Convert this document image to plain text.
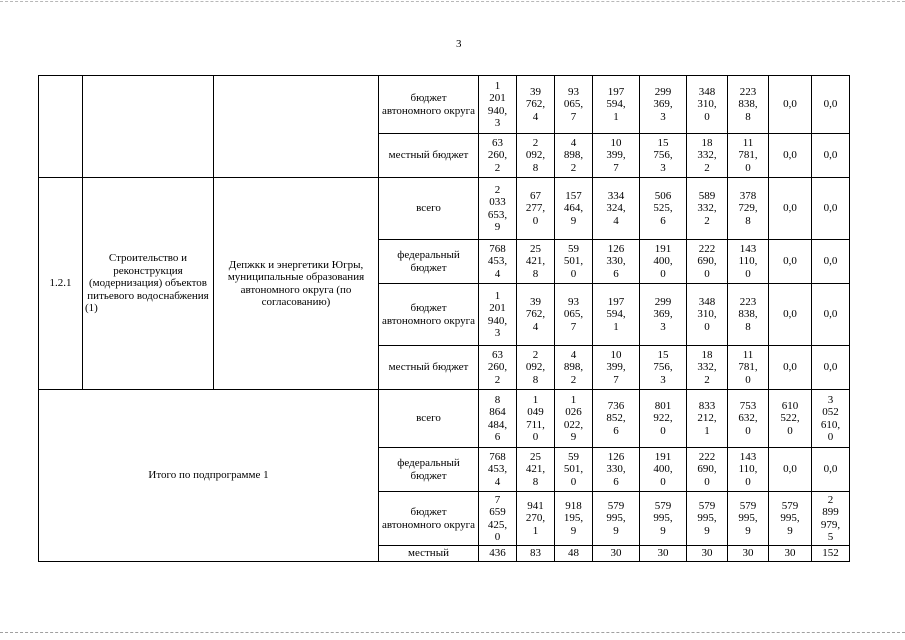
3
			бюджет автономного округа	1
201
940,
3	39
762,
4	93
065,
7	197
594,
1	299
369,
3	348
310,
0	223
838,
8	0,0	0,0
			местный бюджет	63
260,
2	2
092,
8	4
898,
2	10
399,
7	15
756,
3	18
332,
2	11
781,
0	0,0	0,0
1.2.1	Строительство и реконструкция (модернизация) объектов питьевого водоснабжения (1)	Депжкк и энергетики Югры, муниципальные образования автономного округа (по согласованию)	всего	2
033
653,
9	67
277,
0	157
464,
9	334
324,
4	506
525,
6	589
332,
2	378
729,
8	0,0	0,0
			федеральный бюджет	768
453,
4	25
421,
8	59
501,
0	126
330,
6	191
400,
0	222
690,
0	143
110,
0	0,0	0,0
			бюджет автономного округа	1
201
940,
3	39
762,
4	93
065,
7	197
594,
1	299
369,
3	348
310,
0	223
838,
8	0,0	0,0
			местный бюджет	63
260,
2	2
092,
8	4
898,
2	10
399,
7	15
756,
3	18
332,
2	11
781,
0	0,0	0,0
Итого по подпрограмме 1			всего	8
864
484,
6	1
049
711,
0	1
026
022,
9	736
852,
6	801
922,
0	833
212,
1	753
632,
0	610
522,
0	3
052
610,
0
			федеральный бюджет	768
453,
4	25
421,
8	59
501,
0	126
330,
6	191
400,
0	222
690,
0	143
110,
0	0,0	0,0
			бюджет автономного округа	7
659
425,
0	941
270,
1	918
195,
9	579
995,
9	579
995,
9	579
995,
9	579
995,
9	579
995,
9	2
899
979,
5
			местный	436	83	48	30	30	30	30	30	152
